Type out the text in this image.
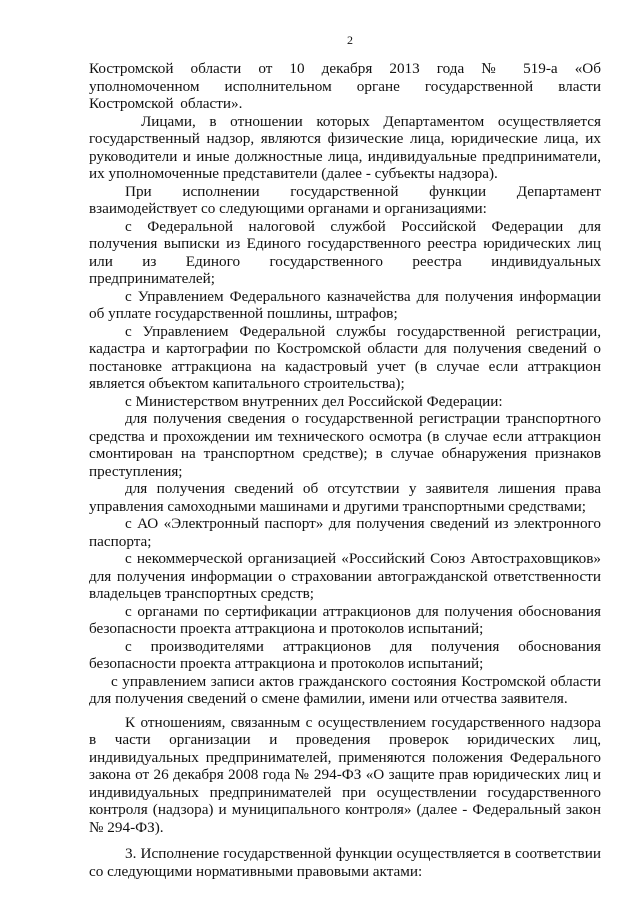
2

Костромской области от 10 декабря 2013 года № 519-а «Об уполномоченном исполнительном органе государственной власти Костромской области».

Лицами, в отношении которых Департаментом осуществляется государственный надзор, являются физические лица, юридические лица, их руководители и иные должностные лица, индивидуальные предприниматели, их уполномоченные представители (далее - субъекты надзора).

При исполнении государственной функции Департамент взаимодействует со следующими органами и организациями:

с Федеральной налоговой службой Российской Федерации для получения выписки из Единого государственного реестра юридических лиц или из Единого государственного реестра индивидуальных предпринимателей;

с Управлением Федерального казначейства для получения информации об уплате государственной пошлины, штрафов;

с Управлением Федеральной службы государственной регистрации, кадастра и картографии по Костромской области для получения сведений о постановке аттракциона на кадастровый учет (в случае если аттракцион является объектом капитального строительства);

с Министерством внутренних дел Российской Федерации:

для получения сведения о государственной регистрации транспортного средства и прохождении им технического осмотра (в случае если аттракцион смонтирован на транспортном средстве); в случае обнаружения признаков преступления;

для получения сведений об отсутствии у заявителя лишения права управления самоходными машинами и другими транспортными средствами;

с АО «Электронный паспорт» для получения сведений из электронного паспорта;

с некоммерческой организацией «Российский Союз Автостраховщиков» для получения информации о страховании автогражданской ответственности владельцев транспортных средств;

с органами по сертификации аттракционов для получения обоснования безопасности проекта аттракциона и протоколов испытаний;

с производителями аттракционов для получения обоснования безопасности проекта аттракциона и протоколов испытаний;

с управлением записи актов гражданского состояния Костромской области для получения сведений о смене фамилии, имени или отчества заявителя.

К отношениям, связанным с осуществлением государственного надзора в части организации и проведения проверок юридических лиц, индивидуальных предпринимателей, применяются положения Федерального закона от 26 декабря 2008 года № 294-ФЗ «О защите прав юридических лиц и индивидуальных предпринимателей при осуществлении государственного контроля (надзора) и муниципального контроля» (далее - Федеральный закон № 294-ФЗ).

3. Исполнение государственной функции осуществляется в соответствии со следующими нормативными правовыми актами:
